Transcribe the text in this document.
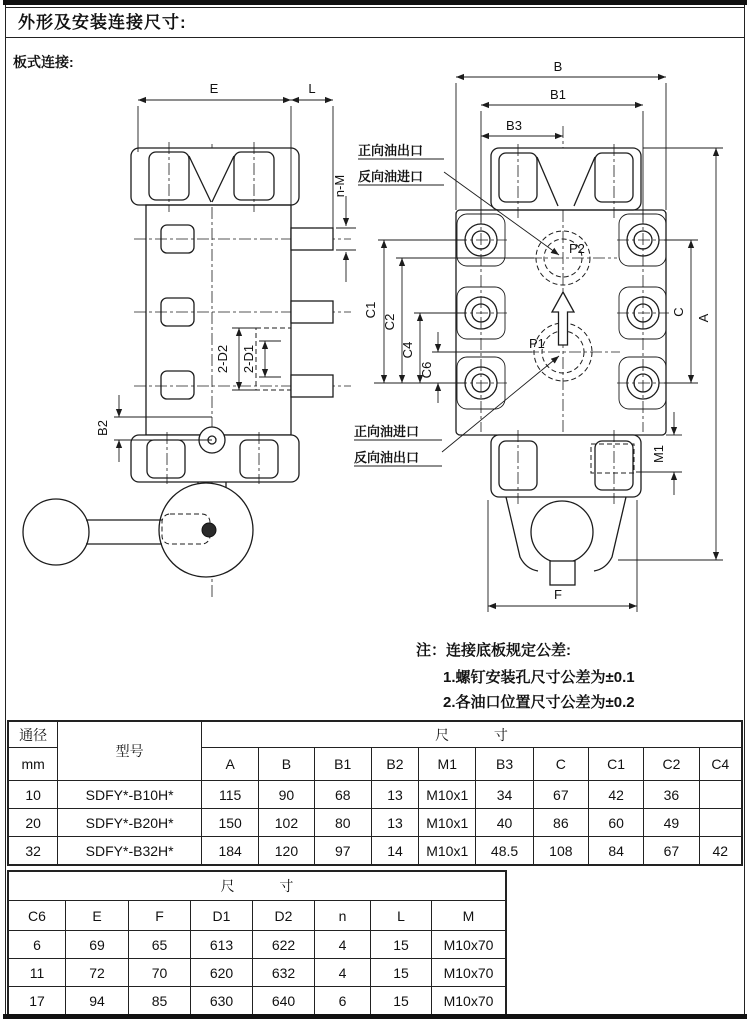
外形及安装连接尺寸:
板式连接:
E	L
n-M
2-D2 2-D1
B2
P2
P1
B
B1
B3
C1
C2
C4
C6
C
A
M1
F
正向油出口
反向油进口
正向油进口
反向油出口
注：连接底板规定公差:
1.螺钉安装孔尺寸公差为±0.1
2.各油口位置尺寸公差为±0.2
通径	型号	尺寸									
mm		A	B	B1	B2	M1	B3	C	C1	C2	C4
10	SDFY*-B10H*	115	90	68	13	M10x1	34	67	42	36	
20	SDFY*-B20H*	150	102	80	13	M10x1	40	86	60	49	
32	SDFY*-B32H*	184	120	97	14	M10x1	48.5	108	84	67	42
尺寸							
C6	E	F	D1	D2	n	L	M
6	69	65	613	622	4	15	M10x70
11	72	70	620	632	4	15	M10x70
17	94	85	630	640	6	15	M10x70
